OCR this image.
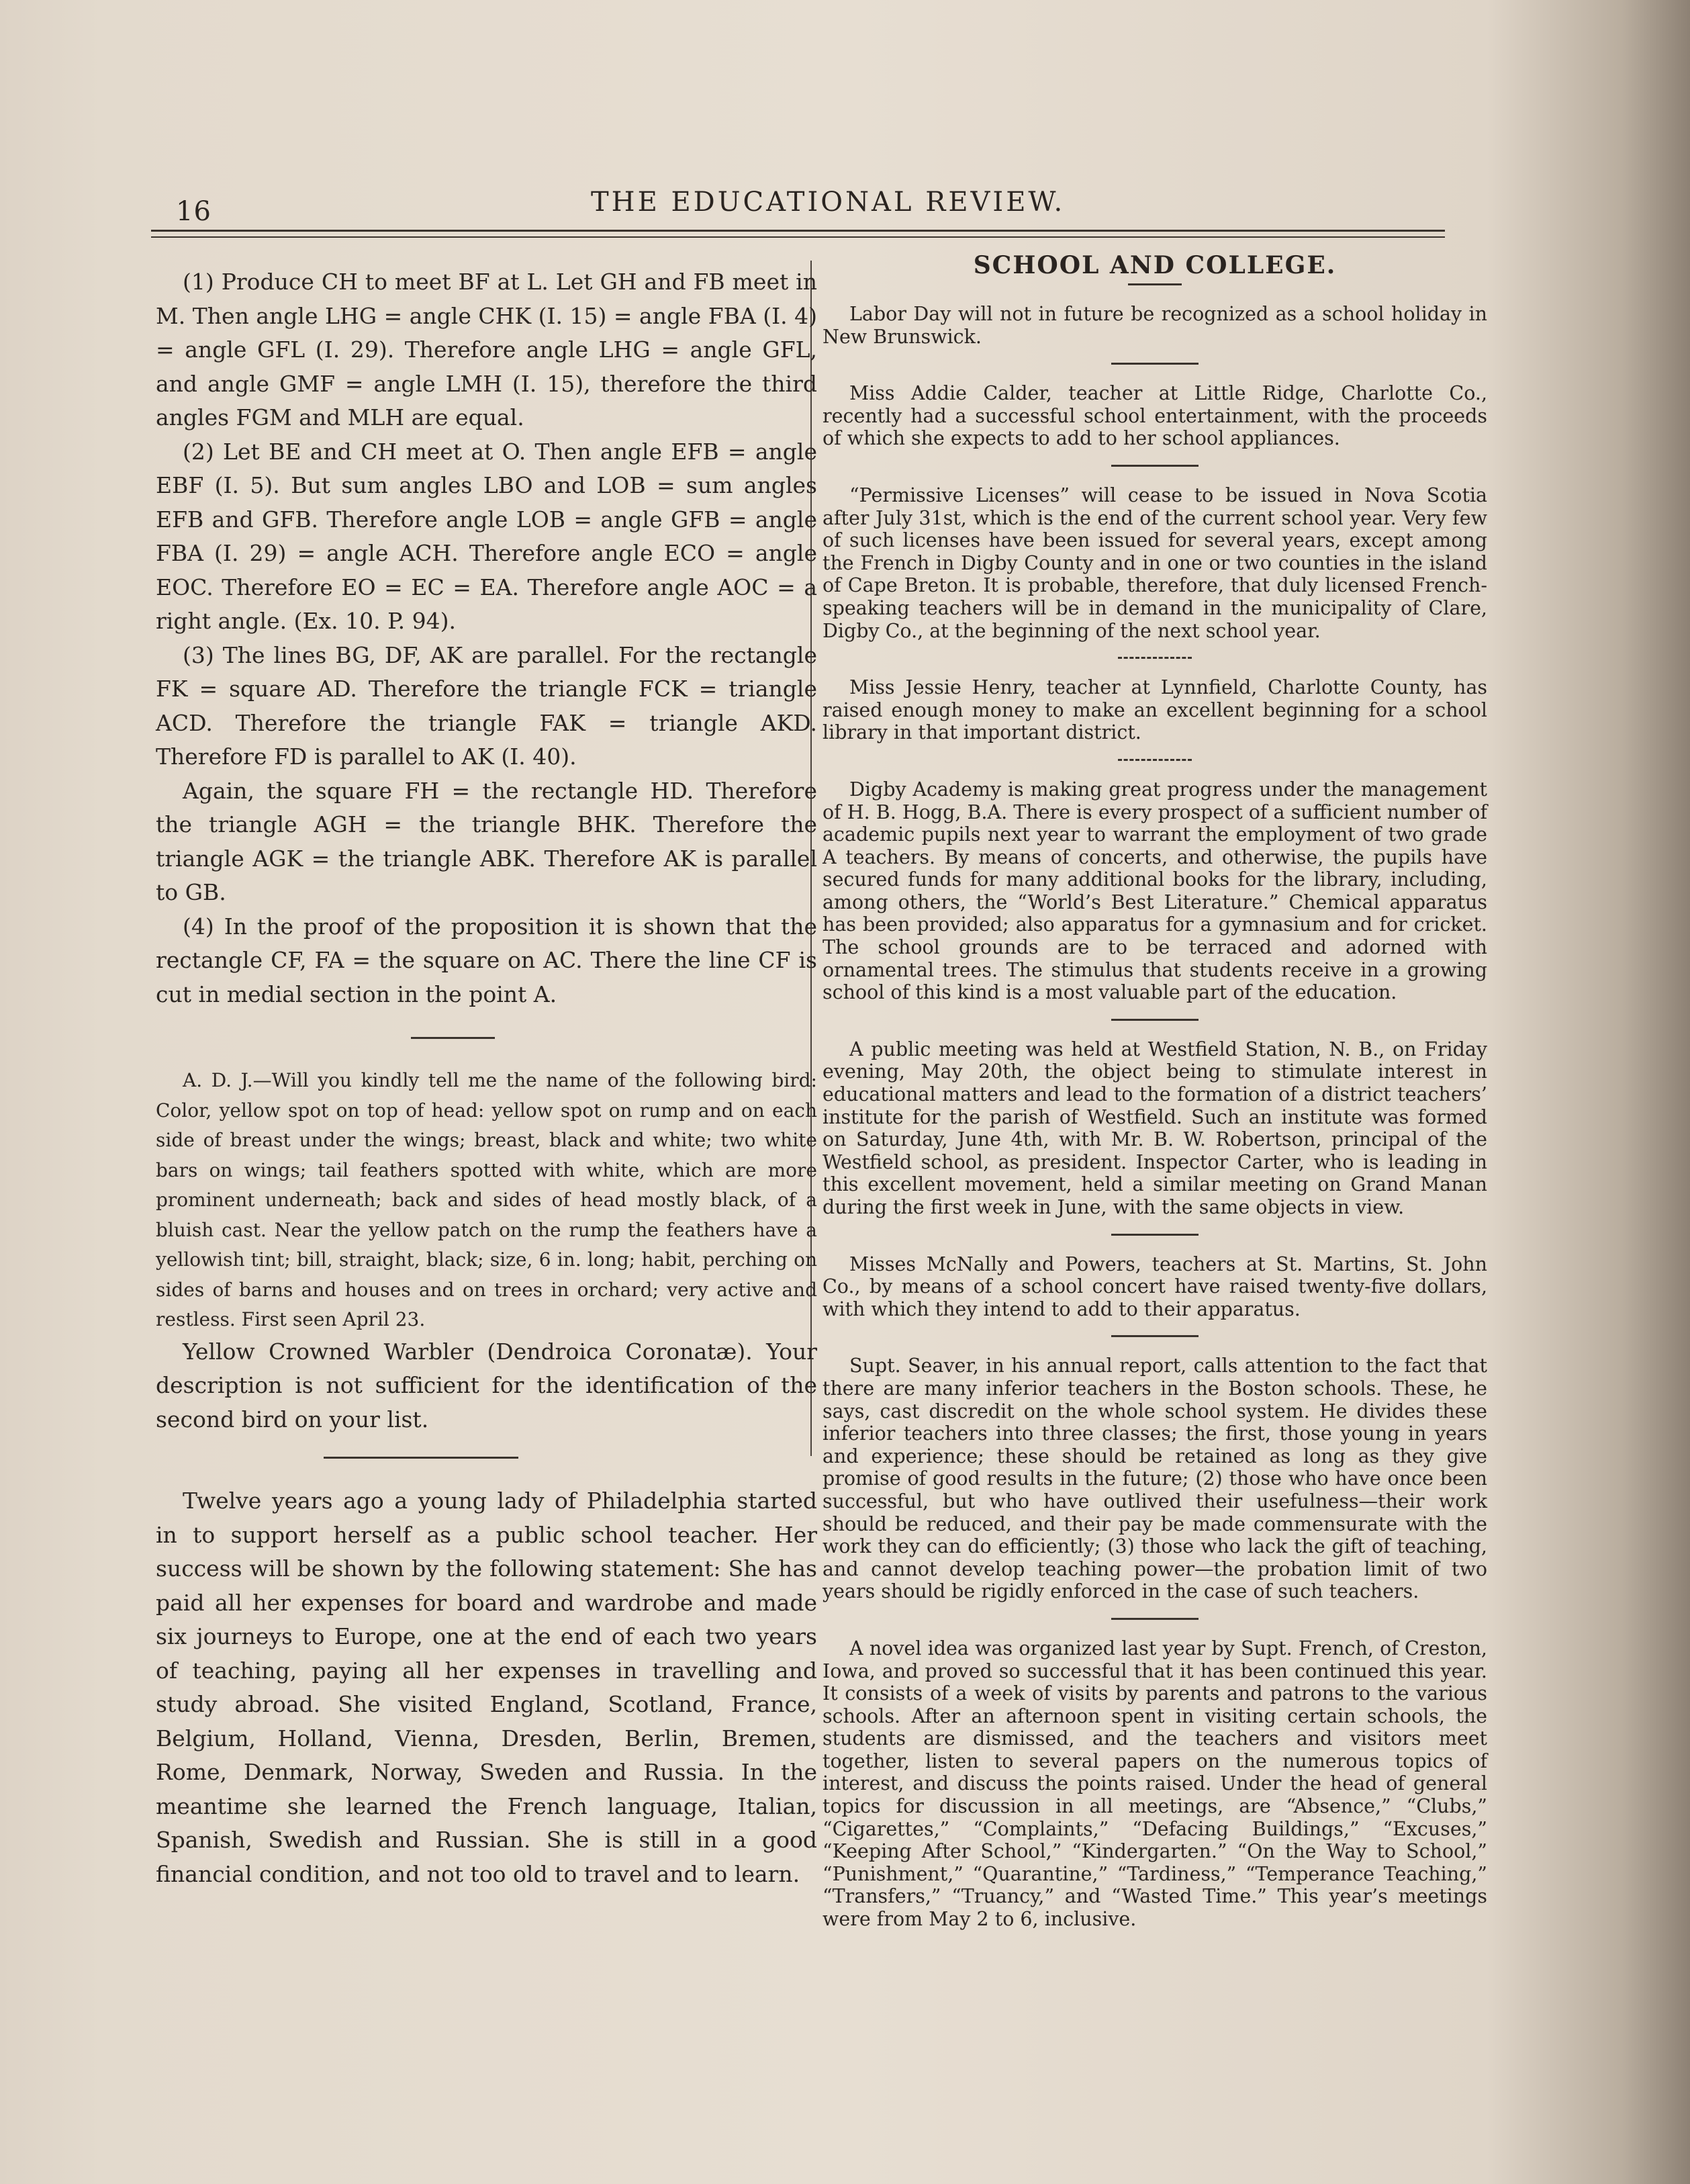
16	THE EDUCATIONAL REVIEW.

(1) Produce CH to meet BF at L. Let GH and FB meet in M. Then angle LHG = angle CHK (I. 15) = angle FBA (I. 4) = angle GFL (I. 29). Therefore angle LHG = angle GFL, and angle GMF = angle LMH (I. 15), therefore the third angles FGM and MLH are equal.

(2) Let BE and CH meet at O. Then angle EFB = angle EBF (I. 5). But sum angles LBO and LOB = sum angles EFB and GFB. Therefore angle LOB = angle GFB = angle FBA (I. 29) = angle ACH. Therefore angle ECO = angle EOC. Therefore EO = EC = EA. Therefore angle AOC = a right angle. (Ex. 10. P. 94).

(3) The lines BG, DF, AK are parallel. For the rectangle FK = square AD. Therefore the triangle FCK = triangle ACD. Therefore the triangle FAK = triangle AKD. Therefore FD is parallel to AK (I. 40).

Again, the square FH = the rectangle HD. Therefore the triangle AGH = the triangle BHK. Therefore the triangle AGK = the triangle ABK. Therefore AK is parallel to GB.

(4) In the proof of the proposition it is shown that the rectangle CF, FA = the square on AC. There the line CF is cut in medial section in the point A.

A. D. J.—Will you kindly tell me the name of the following bird: Color, yellow spot on top of head: yellow spot on rump and on each side of breast under the wings; breast, black and white; two white bars on wings; tail feathers spotted with white, which are more prominent underneath; back and sides of head mostly black, of a bluish cast. Near the yellow patch on the rump the feathers have a yellowish tint; bill, straight, black; size, 6 in. long; habit, perching on sides of barns and houses and on trees in orchard; very active and restless. First seen April 23.

Yellow Crowned Warbler (Dendroica Coronatæ). Your description is not sufficient for the identification of the second bird on your list.

Twelve years ago a young lady of Philadelphia started in to support herself as a public school teacher. Her success will be shown by the following statement: She has paid all her expenses for board and wardrobe and made six journeys to Europe, one at the end of each two years of teaching, paying all her expenses in travelling and study abroad. She visited England, Scotland, France, Belgium, Holland, Vienna, Dresden, Berlin, Bremen, Rome, Denmark, Norway, Sweden and Russia. In the meantime she learned the French language, Italian, Spanish, Swedish and Russian. She is still in a good financial condition, and not too old to travel and to learn.

SCHOOL AND COLLEGE.

Labor Day will not in future be recognized as a school holiday in New Brunswick.

Miss Addie Calder, teacher at Little Ridge, Charlotte Co., recently had a successful school entertainment, with the proceeds of which she expects to add to her school appliances.

“Permissive Licenses” will cease to be issued in Nova Scotia after July 31st, which is the end of the current school year. Very few of such licenses have been issued for several years, except among the French in Digby County and in one or two counties in the island of Cape Breton. It is probable, therefore, that duly licensed French-speaking teachers will be in demand in the municipality of Clare, Digby Co., at the beginning of the next school year.

Miss Jessie Henry, teacher at Lynnfield, Charlotte County, has raised enough money to make an excellent beginning for a school library in that important district.

Digby Academy is making great progress under the management of H. B. Hogg, B.A. There is every prospect of a sufficient number of academic pupils next year to warrant the employment of two grade A teachers. By means of concerts, and otherwise, the pupils have secured funds for many additional books for the library, including, among others, the “World’s Best Literature.” Chemical apparatus has been provided; also apparatus for a gymnasium and for cricket. The school grounds are to be terraced and adorned with ornamental trees. The stimulus that students receive in a growing school of this kind is a most valuable part of the education.

A public meeting was held at Westfield Station, N. B., on Friday evening, May 20th, the object being to stimulate interest in educational matters and lead to the formation of a district teachers’ institute for the parish of Westfield. Such an institute was formed on Saturday, June 4th, with Mr. B. W. Robertson, principal of the Westfield school, as president. Inspector Carter, who is leading in this excellent movement, held a similar meeting on Grand Manan during the first week in June, with the same objects in view.

Misses McNally and Powers, teachers at St. Martins, St. John Co., by means of a school concert have raised twenty-five dollars, with which they intend to add to their apparatus.

Supt. Seaver, in his annual report, calls attention to the fact that there are many inferior teachers in the Boston schools. These, he says, cast discredit on the whole school system. He divides these inferior teachers into three classes; the first, those young in years and experience; these should be retained as long as they give promise of good results in the future; (2) those who have once been successful, but who have outlived their usefulness—their work should be reduced, and their pay be made commensurate with the work they can do efficiently; (3) those who lack the gift of teaching, and cannot develop teaching power—the probation limit of two years should be rigidly enforced in the case of such teachers.

A novel idea was organized last year by Supt. French, of Creston, Iowa, and proved so successful that it has been continued this year. It consists of a week of visits by parents and patrons to the various schools. After an afternoon spent in visiting certain schools, the students are dismissed, and the teachers and visitors meet together, listen to several papers on the numerous topics of interest, and discuss the points raised. Under the head of general topics for discussion in all meetings, are “Absence,” “Clubs,” “Cigarettes,” “Complaints,” “Defacing Buildings,” “Excuses,” “Keeping After School,” “Kindergarten.” “On the Way to School,” “Punishment,” “Quarantine,” “Tardiness,” “Temperance Teaching,” “Transfers,” “Truancy,” and “Wasted Time.” This year’s meetings were from May 2 to 6, inclusive.
